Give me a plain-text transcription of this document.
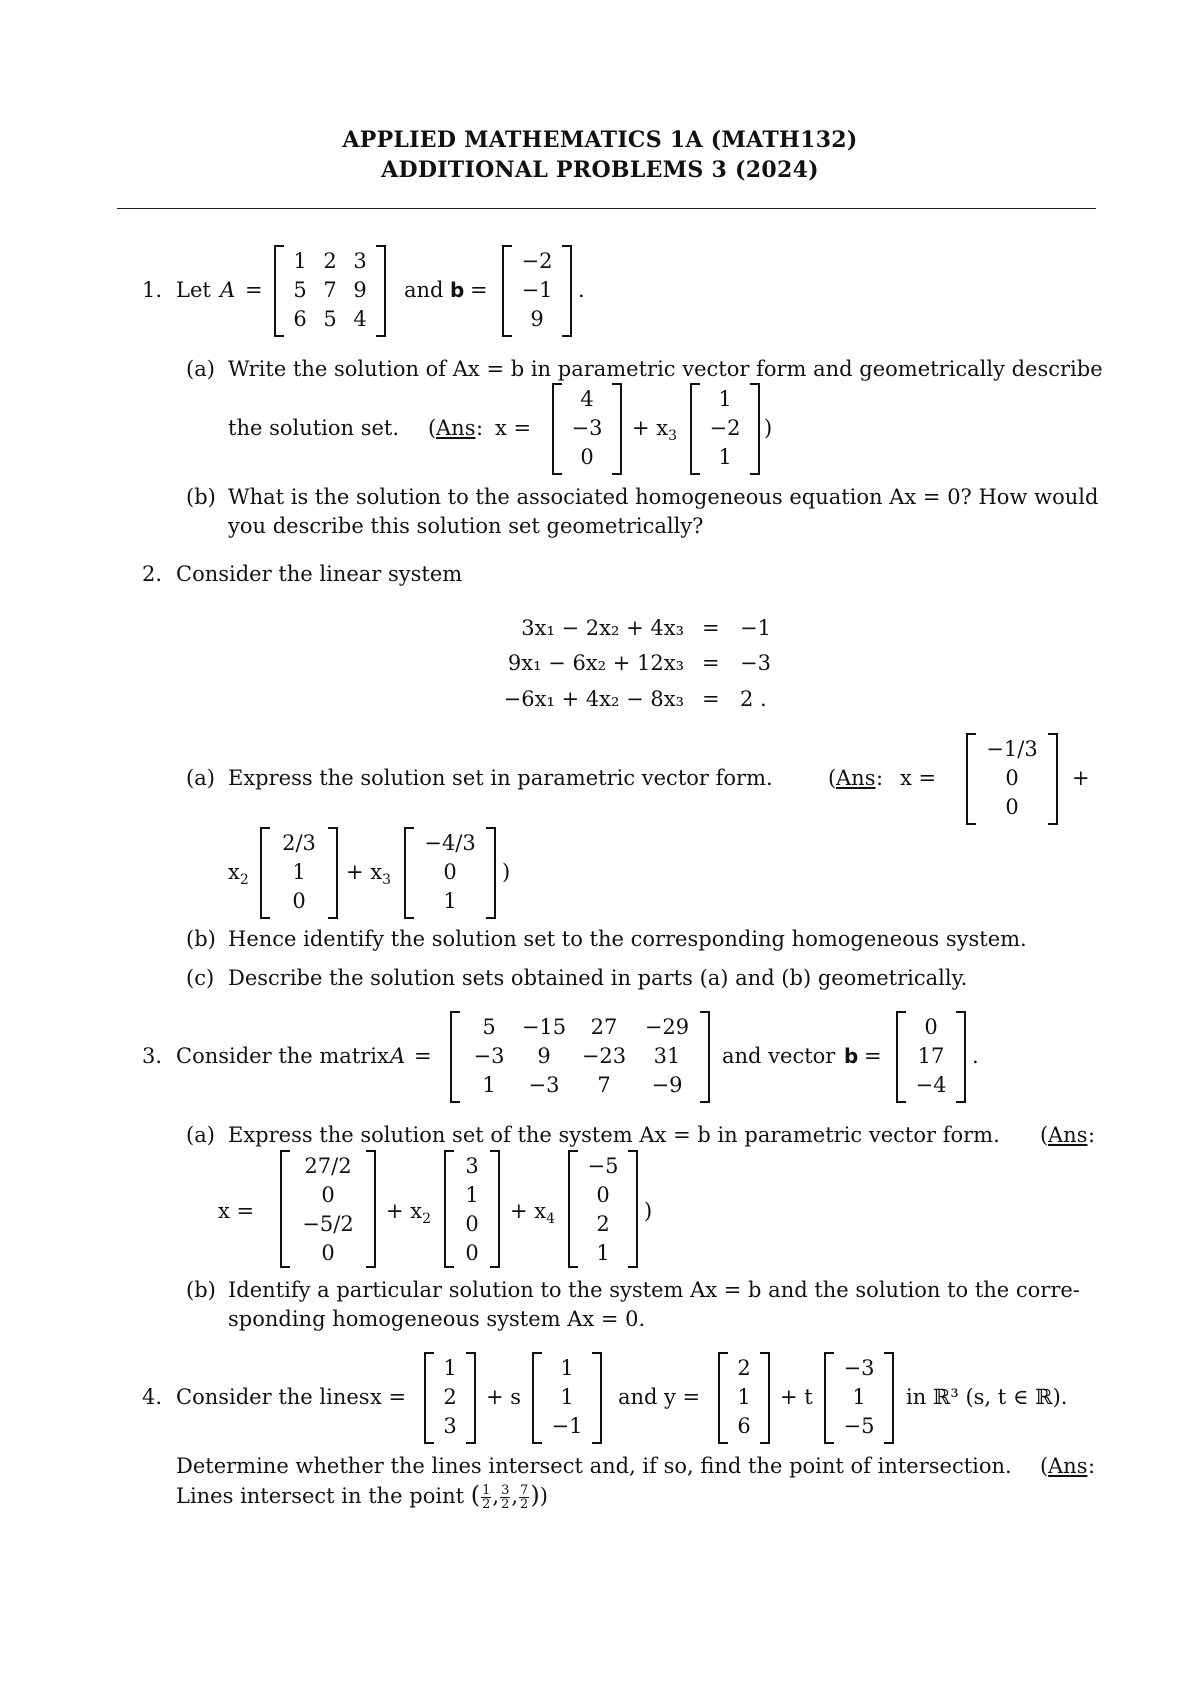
APPLIED MATHEMATICS 1A (MATH132)
ADDITIONAL PROBLEMS 3 (2024)
1. Let A =
1 2 3
5 7 9
6 5 4
and b =
−2
−1
9
.
(a) Write the solution of Ax = b in parametric vector form and geometrically describe
the solution set. ( Ans : x =
4
−3
0
+ $x_3$
1
−2
1
)
(b) What is the solution to the associated homogeneous equation Ax = 0? How would
you describe this solution set geometrically?
2. Consider the linear system
3x₁ − 2x₂ + 4x₃ = −1
9x₁ − 6x₂ + 12x₃ = −3
−6x₁ + 4x₂ − 8x₃ = 2 .
(a) Express the solution set in parametric vector form.	( Ans : x =
−1/3
0
0
+
$x_2$
2/3
1
0
+ $x_3$
−4/3
0
1
)
(b) Hence identify the solution set to the corresponding homogeneous system.
(c) Describe the solution sets obtained in parts (a) and (b) geometrically.
3. Consider the matrix A =
5	−15	27	−29
−3	9	−23	31
1	−3	7	−9
and vector b =
0
17
−4
.
(a) Express the solution set of the system Ax = b in parametric vector form. ( Ans :
x =
27/2
0
−5/2
0
+ $x_2$
3
1
0
0
+ $x_4$
−5
0
2
1
)
(b) Identify a particular solution to the system Ax = b and the solution to the corre-
sponding homogeneous system Ax = 0.
4. Consider the lines x =
1
2
3
+ s
1
1
−1
and y =
2
1
6
+ t
−3
1
−5
in ℝ³ (s, t ∈ ℝ).
Determine whether the lines intersect and, if so, find the point of intersection. ( Ans :
Lines intersect in the point ( $\frac{1}{2}$ , $\frac{3}{2}$ , $\frac{7}{2}$ ))
